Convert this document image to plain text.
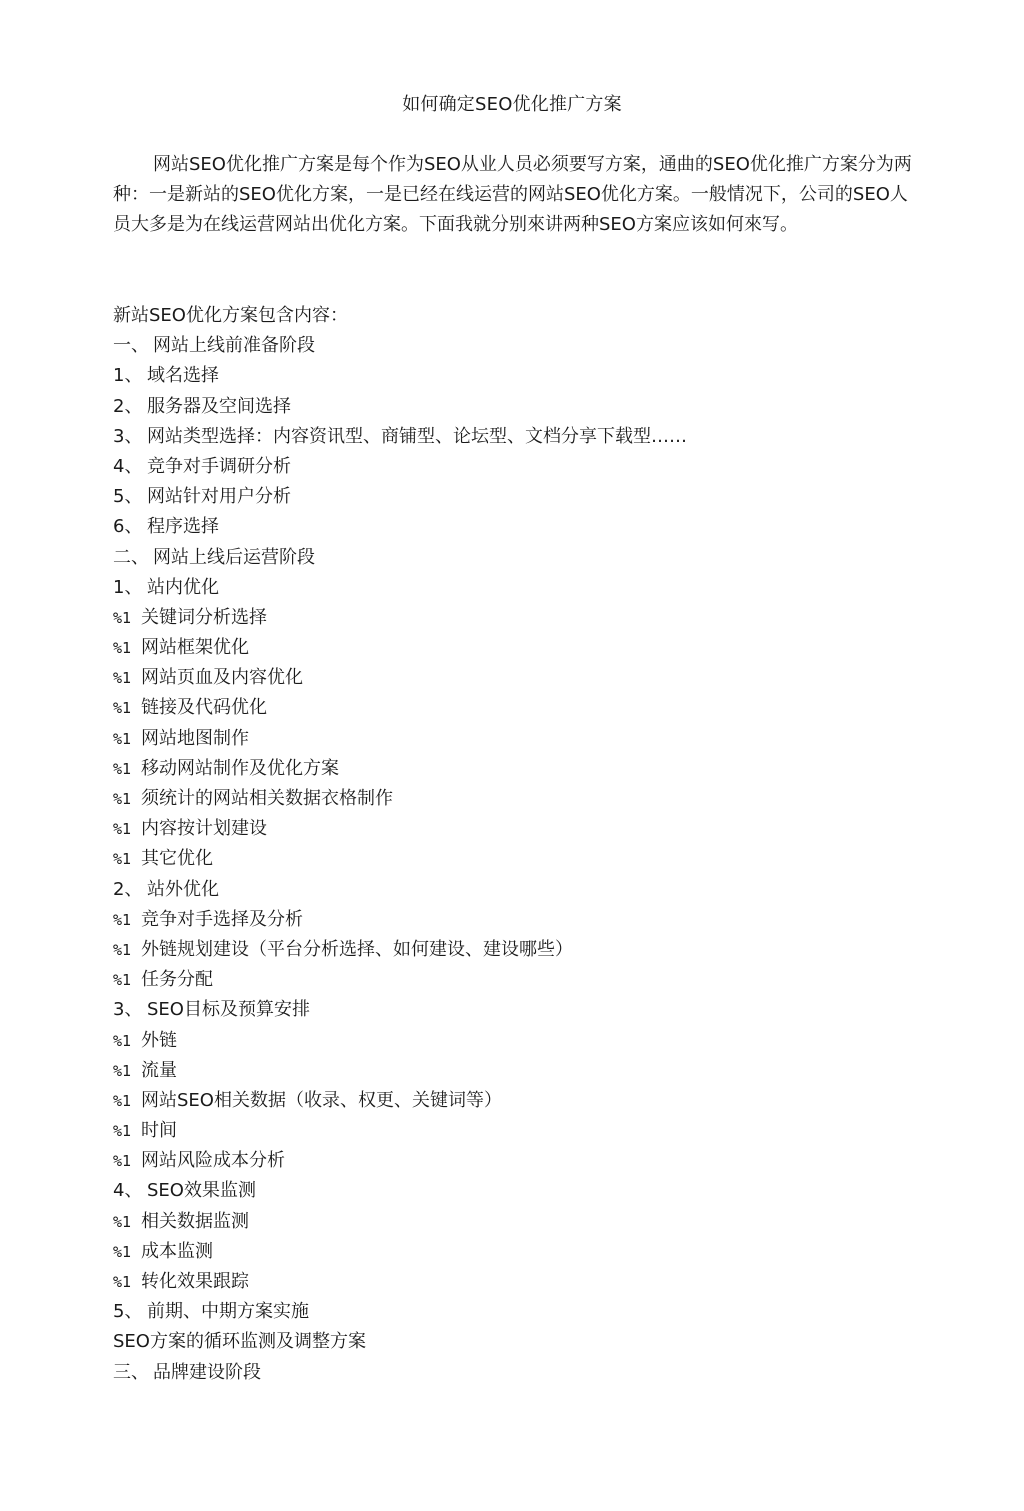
如何确定SEO优化推广方案

网站SEO优化推广方案是每个作为SEO从业人员必须要写方案，通曲的SEO优化推广方案分为两种：一是新站的SEO优化方案，一是已经在线运营的网站SEO优化方案。一般情况下，公司的SEO人员大多是为在线运营网站出优化方案。下面我就分别來讲两种SEO方案应该如何來写。

新站SEO优化方案包含内容：
一、 网站上线前准备阶段
1、 域名选择
2、 服务器及空间选择
3、 网站类型选择：内容资讯型、商铺型、论坛型、文档分享下载型……
4、 竞争对手调研分析
5、 网站针对用户分析
6、 程序选择
二、 网站上线后运营阶段
1、 站内优化
%1 关键词分析选择
%1 网站框架优化
%1 网站页血及内容优化
%1 链接及代码优化
%1 网站地图制作
%1 移动网站制作及优化方案
%1 须统计的网站相关数据衣格制作
%1 内容按计划建设
%1 其它优化
2、 站外优化
%1 竞争对手选择及分析
%1 外链规划建设（平台分析选择、如何建设、建设哪些）
%1 任务分配
3、 SEO目标及预算安排
%1 外链
%1 流量
%1 网站SEO相关数据（收录、权更、关键词等）
%1 时间
%1 网站风险成本分析
4、 SEO效果监测
%1 相关数据监测
%1 成本监测
%1 转化效果跟踪
5、 前期、中期方案实施
SEO方案的循环监测及调整方案
三、 品牌建设阶段
